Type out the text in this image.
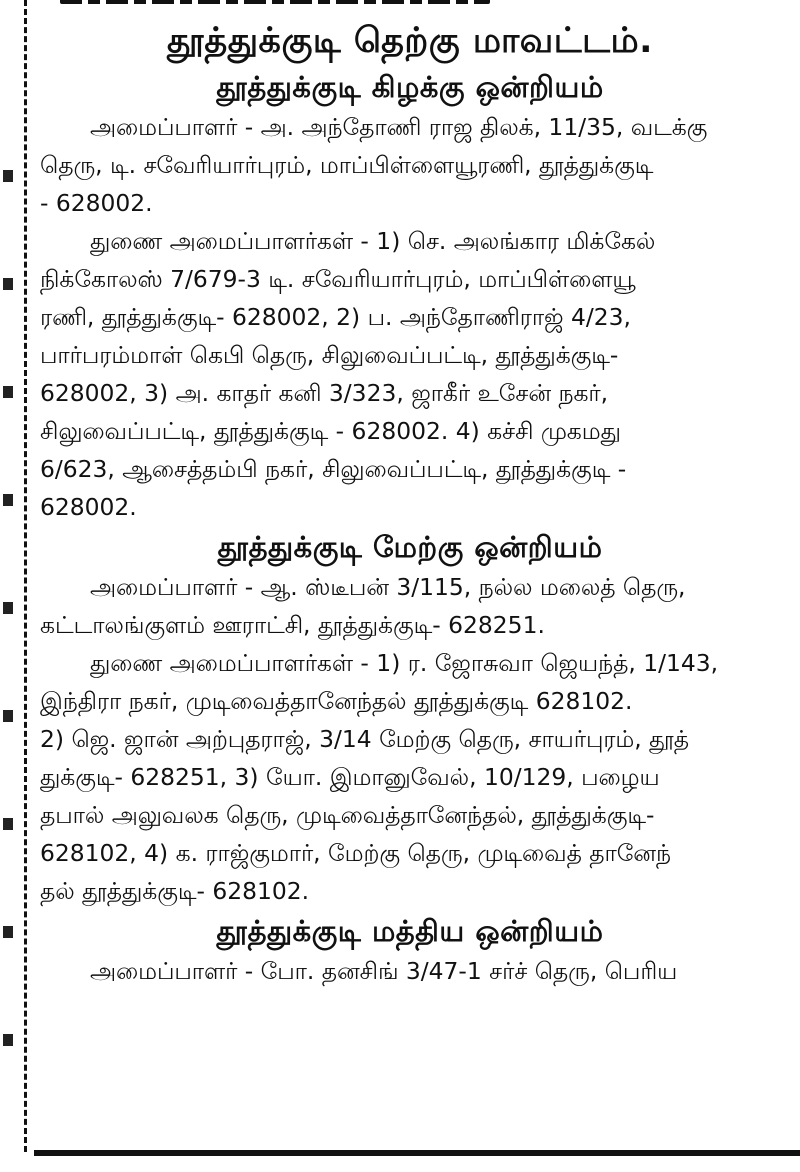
தூத்துக்குடி தெற்கு மாவட்டம்.
தூத்துக்குடி கிழக்கு ஒன்றியம்

அமைப்பாளர் - அ. அந்தோணி ராஜ திலக், 11/35, வடக்கு
தெரு, டி. சவேரியார்புரம், மாப்பிள்ளையூரணி, தூத்துக்குடி
- 628002.

துணை அமைப்பாளர்கள் - 1) செ. அலங்கார மிக்கேல்
நிக்கோலஸ் 7/679-3 டி. சவேரியார்புரம், மாப்பிள்ளையூ
ரணி, தூத்துக்குடி- 628002, 2) ப. அந்தோணிராஜ் 4/23,
பார்பரம்மாள் கெபி தெரு, சிலுவைப்பட்டி, தூத்துக்குடி-
628002, 3) அ. காதர் கனி 3/323, ஜாகீர் உசேன் நகர்,
சிலுவைப்பட்டி, தூத்துக்குடி - 628002. 4) கச்சி முகமது
6/623, ஆசைத்தம்பி நகர், சிலுவைப்பட்டி, தூத்துக்குடி -
628002.

தூத்துக்குடி மேற்கு ஒன்றியம்

அமைப்பாளர் - ஆ. ஸ்டீபன் 3/115, நல்ல மலைத் தெரு,
கட்டாலங்குளம் ஊராட்சி, தூத்துக்குடி- 628251.

துணை அமைப்பாளர்கள் - 1) ர. ஜோசுவா ஜெயந்த், 1/143,
இந்திரா நகர், முடிவைத்தானேந்தல் தூத்துக்குடி 628102.
2) ஜெ. ஜான் அற்புதராஜ், 3/14 மேற்கு தெரு, சாயர்புரம், தூத்
துக்குடி- 628251, 3) யோ. இமானுவேல், 10/129, பழைய
தபால் அலுவலக தெரு, முடிவைத்தானேந்தல், தூத்துக்குடி-
628102, 4) க. ராஜ்குமார், மேற்கு தெரு, முடிவைத் தானேந்
தல் தூத்துக்குடி- 628102.

தூத்துக்குடி மத்திய ஒன்றியம்

அமைப்பாளர் - போ. தனசிங் 3/47-1 சர்ச் தெரு, பெரிய
